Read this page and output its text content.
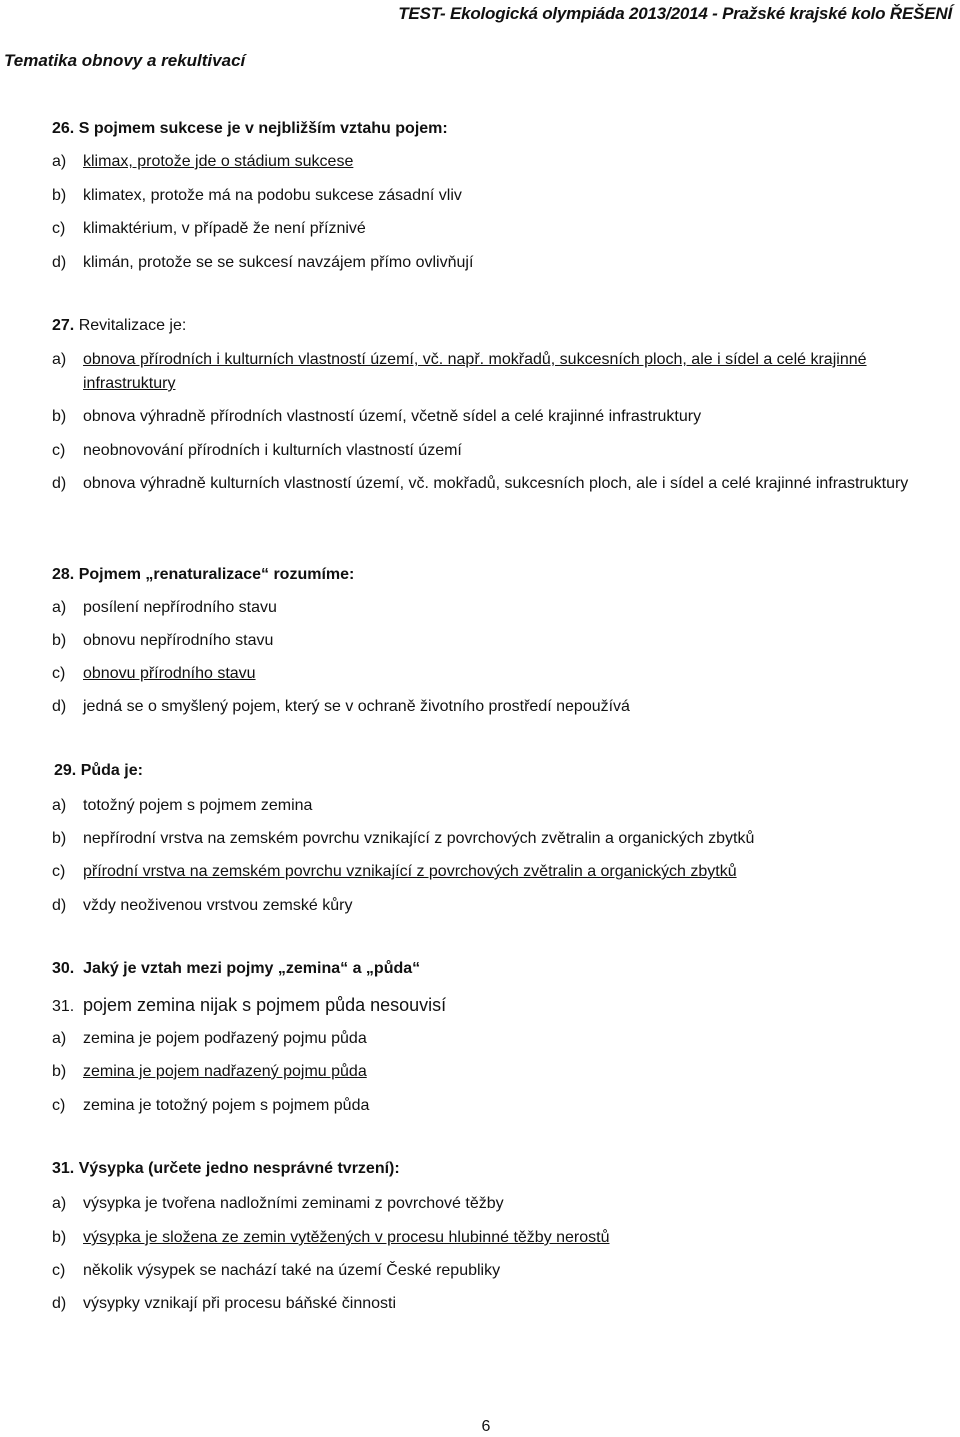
TEST- Ekologická olympiáda 2013/2014 - Pražské krajské kolo ŘEŠENÍ
Tematika obnovy a rekultivací
26. S pojmem sukcese je v nejbližším vztahu pojem:
a) klimax, protože jde o stádium sukcese
b) klimatex, protože má na podobu sukcese zásadní vliv
c) klimaktérium, v případě že není příznivé
d) klimán, protože se se sukcesí navzájem přímo ovlivňují
27. Revitalizace je:
a) obnova přírodních i kulturních vlastností území, vč. např. mokřadů, sukcesních ploch, ale i sídel a celé krajinné infrastruktury
b) obnova výhradně přírodních vlastností území, včetně sídel a celé krajinné infrastruktury
c) neobnovování přírodních i kulturních vlastností území
d) obnova výhradně kulturních vlastností území, vč. mokřadů, sukcesních ploch, ale i sídel a celé krajinné infrastruktury
28. Pojmem „renaturalizace“ rozumíme:
a) posílení nepřírodního stavu
b) obnovu nepřírodního stavu
c) obnovu přírodního stavu
d) jedná se o smyšlený pojem, který se v ochraně životního prostředí nepoužívá
29. Půda je:
a) totožný pojem s pojmem zemina
b) nepřírodní vrstva na zemském povrchu vznikající z povrchových zvětralin a organických zbytků
c) přírodní vrstva na zemském povrchu vznikající z povrchových zvětralin a organických zbytků
d) vždy neoživenou vrstvou zemské kůry
30. Jaký je vztah mezi pojmy „zemina“ a „půda“
31. pojem zemina nijak s pojmem půda nesouvisí
a) zemina je pojem podřazený pojmu půda
b) zemina je pojem nadřazený pojmu půda
c) zemina je totožný pojem s pojmem půda
31. Výsypka (určete jedno nesprávné tvrzení):
a) výsypka je tvořena nadložními zeminami z povrchové těžby
b) výsypka je složena ze zemin vytěžených v procesu hlubinné těžby nerostů
c) několik výsypek se nachází také na území České republiky
d) výsypky vznikají při procesu báňské činnosti
6
